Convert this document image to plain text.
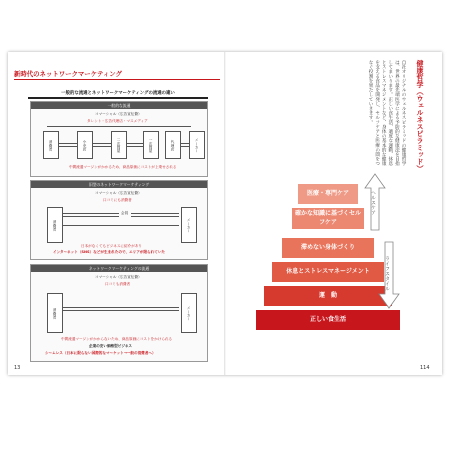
新時代のネットワークマーケティング
一般的な流通とネットワークマーケティングの流通の違い
一般的な流通
コマーシャル（広告宣伝費）
タレント・広告代理店・マスメディア
消費者	小売店	二次問屋	一次問屋	代理店	メーカー
中間流通マージンがかかるため、商品原価にコストが上乗せされる
旧型のネットワークマーケティング
コマーシャル（広告宣伝費）
口コミにも消費者
消費者
会員
メーカー
日本がなくてもビジネスに紹介があり
インターネット（SNS）などが生まれたので、エリアが限られていた
ネットワークマーケティングの流通
コマーシャル（広告宣伝費）
口コミも消費者
消費者	メーカー
中間流通マージンがかからないため、商品原価にコストをかけられる
企業の安い価格型ビジネス
シームレス（日本に限らない国際的なマーケット→一般の消費者へ）
13
健康哲学（ウェルネスピラミッド）
自社オリジナルのウェルネスピラミッドの健康哲学は、世界の最先端医学による予防的な健康法を目指してまいります。正しい食生活、適度な運動、休息とストレスマネジメントなど、身体の基本的な健康を支える食品を開発し、セルフケアと医療の間をつなぐ役割を果たしていきます。
医療・専門ケア
確かな知識に基づくセルフケア
滞めない身体づくり
休息とストレスマネージメント
運　動
正しい食生活
ヘルスケア
ライフスタイル
114
